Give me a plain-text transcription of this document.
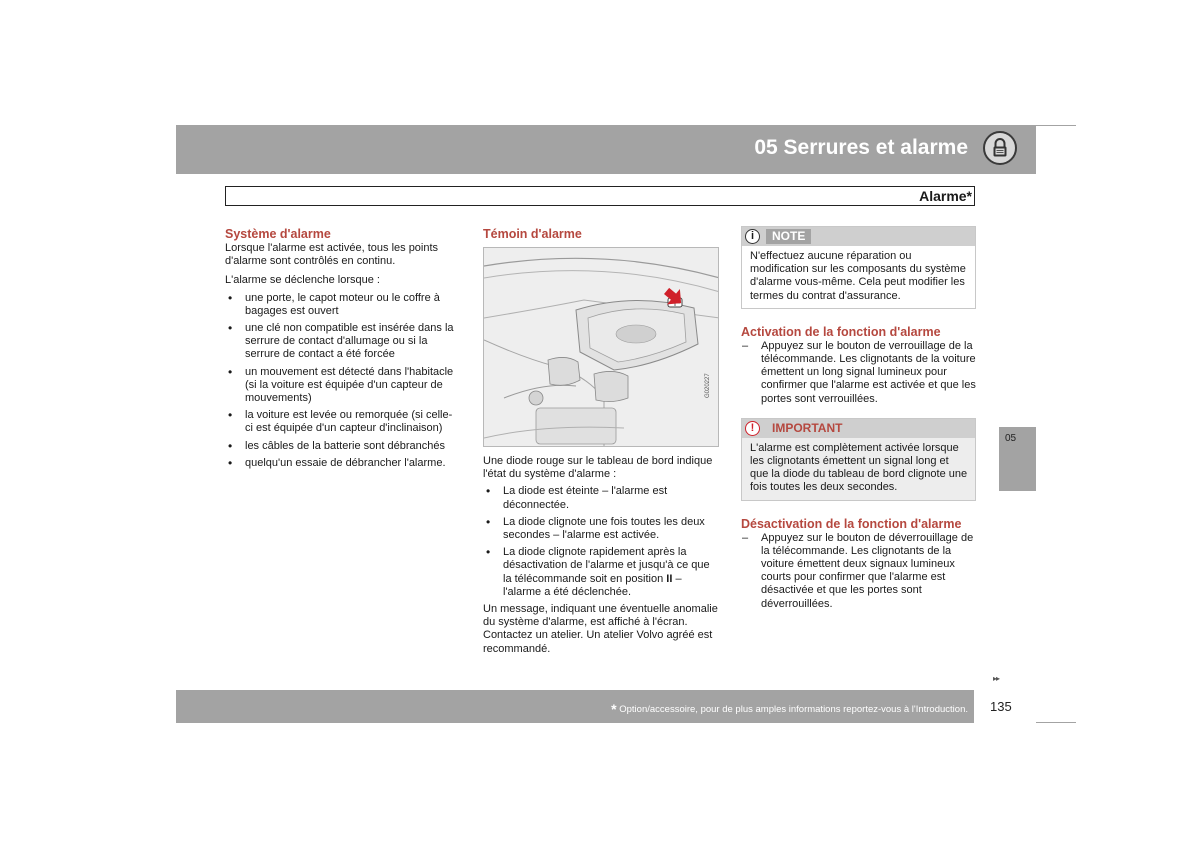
05 Serrures et alarme
Alarme*
Système d'alarme

Lorsque l'alarme est activée, tous les points d'alarme sont contrôlés en continu.

L'alarme se déclenche lorsque :

• une porte, le capot moteur ou le coffre à bagages est ouvert
• une clé non compatible est insérée dans la serrure de contact d'allumage ou si la serrure de contact a été forcée
• un mouvement est détecté dans l'habitacle (si la voiture est équipée d'un capteur de mouvements)
• la voiture est levée ou remorquée (si celle-ci est équipée d'un capteur d'inclinaison)
• les câbles de la batterie sont débranchés
• quelqu'un essaie de débrancher l'alarme.
Témoin d'alarme
G020227

Une diode rouge sur le tableau de bord indique l'état du système d'alarme :

• La diode est éteinte – l'alarme est déconnectée.
• La diode clignote une fois toutes les deux secondes – l'alarme est activée.
• La diode clignote rapidement après la désactivation de l'alarme et jusqu'à ce que la télécommande soit en position II – l'alarme a été déclenchée.

Un message, indiquant une éventuelle anomalie du système d'alarme, est affiché à l'écran. Contactez un atelier. Un atelier Volvo agréé est recommandé.

i	NOTE
N'effectuez aucune réparation ou modification sur les composants du système d'alarme vous-même. Cela peut modifier les termes du contrat d'assurance.
Activation de la fonction d'alarme
– Appuyez sur le bouton de verrouillage de la télécommande. Les clignotants de la voiture émettent un long signal lumineux pour confirmer que l'alarme est activée et que les portes sont verrouillées.
!	IMPORTANT
L'alarme est complètement activée lorsque les clignotants émettent un signal long et que la diode du tableau de bord clignote une fois toutes les deux secondes.
Désactivation de la fonction d'alarme
– Appuyez sur le bouton de déverrouillage de la télécommande. Les clignotants de la voiture émettent deux signaux lumineux courts pour confirmer que l'alarme est désactivée et que les portes sont déverrouillées.
05
▸▸
* Option/accessoire, pour de plus amples informations reportez-vous à l'Introduction. 135
